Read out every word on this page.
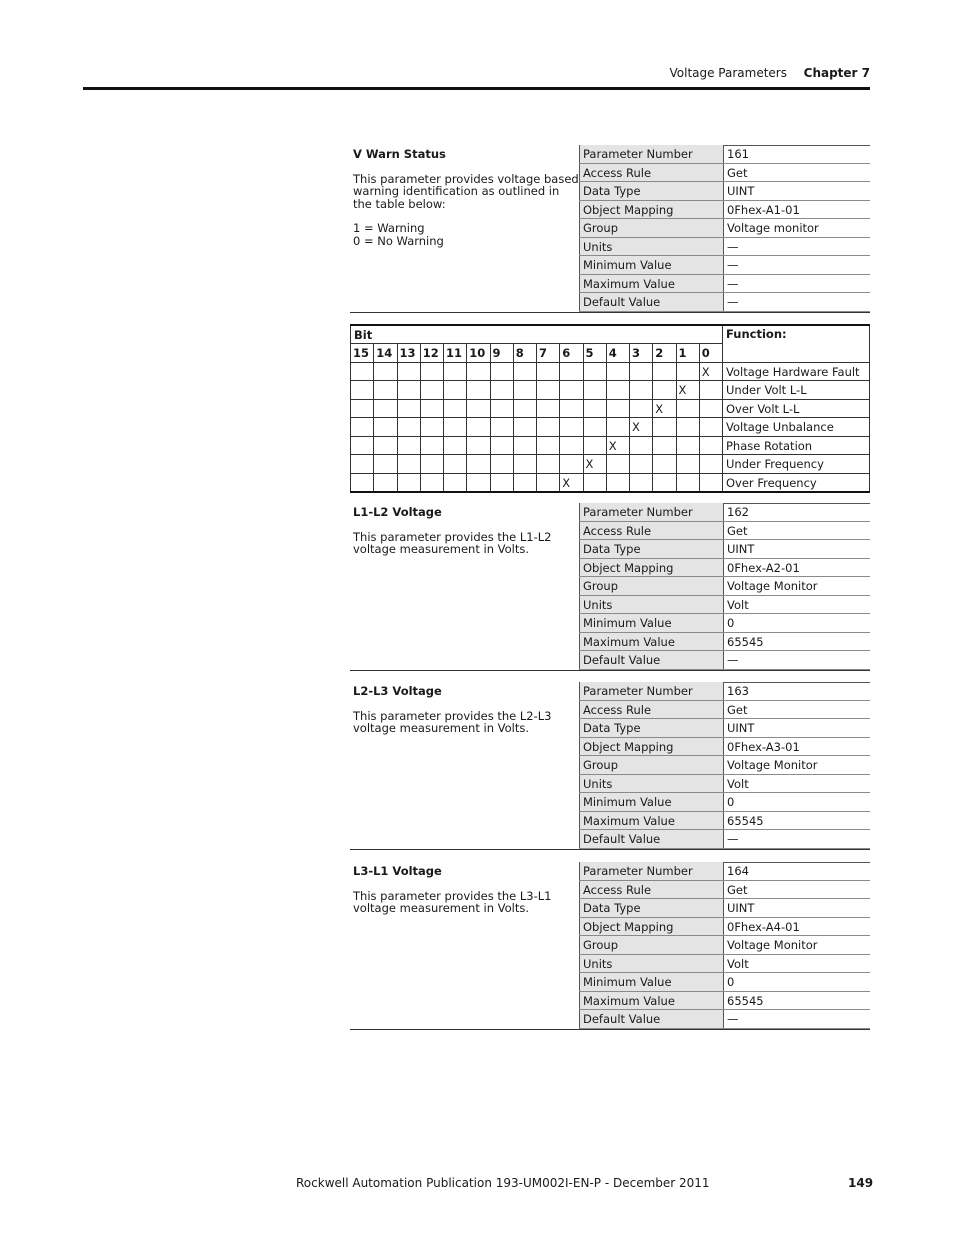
Voltage Parameters Chapter 7
V Warn Status

This parameter provides voltage based warning identification as outlined in the table below:

1 = Warning
0 = No Warning
Parameter Number	161
Access Rule	Get
Data Type	UINT
Object Mapping	0Fhex-A1-01
Group	Voltage monitor
Units	—
Minimum Value	—
Maximum Value	—
Default Value	—
Bit																Function:
15	14	13	12	11	10	9	8	7	6	5	4	3	2	1	0	
															X	Voltage Hardware Fault
														X		Under Volt L-L
													X			Over Volt L-L
												X				Voltage Unbalance
											X					Phase Rotation
										X						Under Frequency
									X							Over Frequency
L1-L2 Voltage

This parameter provides the L1-L2 voltage measurement in Volts.

Parameter Number	162
Access Rule	Get
Data Type	UINT
Object Mapping	0Fhex-A2-01
Group	Voltage Monitor
Units	Volt
Minimum Value	0
Maximum Value	65545
Default Value	—
L2-L3 Voltage

This parameter provides the L2-L3 voltage measurement in Volts.

Parameter Number	163
Access Rule	Get
Data Type	UINT
Object Mapping	0Fhex-A3-01
Group	Voltage Monitor
Units	Volt
Minimum Value	0
Maximum Value	65545
Default Value	—
L3-L1 Voltage

This parameter provides the L3-L1 voltage measurement in Volts.

Parameter Number	164
Access Rule	Get
Data Type	UINT
Object Mapping	0Fhex-A4-01
Group	Voltage Monitor
Units	Volt
Minimum Value	0
Maximum Value	65545
Default Value	—
Rockwell Automation Publication 193-UM002I-EN-P - December 2011	149
